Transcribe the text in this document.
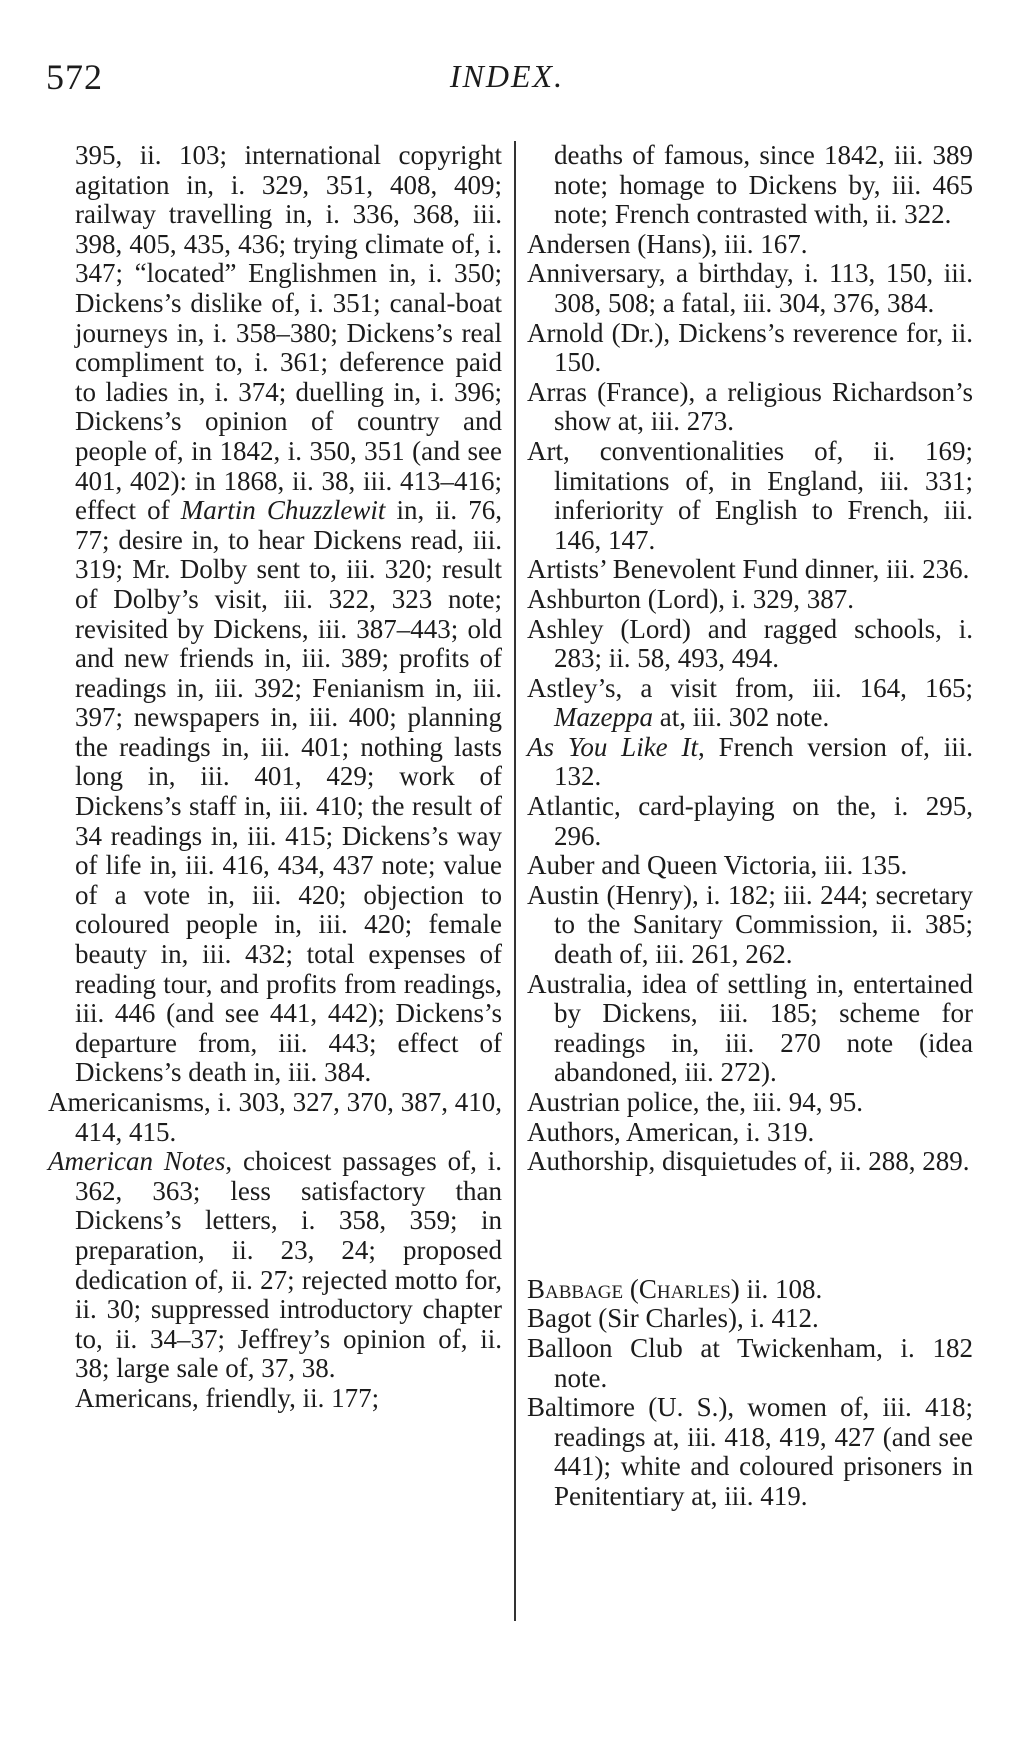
572	INDEX.

395, ii. 103; international copyright agitation in, i. 329, 351, 408, 409; railway travelling in, i. 336, 368, iii. 398, 405, 435, 436; trying climate of, i. 347; “located” Englishmen in, i. 350; Dickens’s dislike of, i. 351; canal-boat journeys in, i. 358–380; Dickens’s real compliment to, i. 361; deference paid to ladies in, i. 374; duelling in, i. 396; Dickens’s opinion of country and people of, in 1842, i. 350, 351 (and see 401, 402): in 1868, ii. 38, iii. 413–416; effect of Martin Chuzzlewit in, ii. 76, 77; desire in, to hear Dickens read, iii. 319; Mr. Dolby sent to, iii. 320; result of Dolby’s visit, iii. 322, 323 note; revisited by Dickens, iii. 387–443; old and new friends in, iii. 389; profits of readings in, iii. 392; Fenianism in, iii. 397; newspapers in, iii. 400; planning the readings in, iii. 401; nothing lasts long in, iii. 401, 429; work of Dickens’s staff in, iii. 410; the result of 34 readings in, iii. 415; Dickens’s way of life in, iii. 416, 434, 437 note; value of a vote in, iii. 420; objection to coloured people in, iii. 420; female beauty in, iii. 432; total expenses of reading tour, and profits from readings, iii. 446 (and see 441, 442); Dickens’s departure from, iii. 443; effect of Dickens’s death in, iii. 384.

Americanisms, i. 303, 327, 370, 387, 410, 414, 415.

American Notes, choicest passages of, i. 362, 363; less satisfactory than Dickens’s letters, i. 358, 359; in preparation, ii. 23, 24; proposed dedication of, ii. 27; rejected motto for, ii. 30; suppressed introductory chapter to, ii. 34–37; Jeffrey’s opinion of, ii. 38; large sale of, 37, 38.

Americans, friendly, ii. 177;

deaths of famous, since 1842, iii. 389 note; homage to Dickens by, iii. 465 note; French contrasted with, ii. 322.

Andersen (Hans), iii. 167.

Anniversary, a birthday, i. 113, 150, iii. 308, 508; a fatal, iii. 304, 376, 384.

Arnold (Dr.), Dickens’s reverence for, ii. 150.

Arras (France), a religious Richardson’s show at, iii. 273.

Art, conventionalities of, ii. 169; limitations of, in England, iii. 331; inferiority of English to French, iii. 146, 147.

Artists’ Benevolent Fund dinner, iii. 236.

Ashburton (Lord), i. 329, 387.

Ashley (Lord) and ragged schools, i. 283; ii. 58, 493, 494.

Astley’s, a visit from, iii. 164, 165; Mazeppa at, iii. 302 note.

As You Like It, French version of, iii. 132.

Atlantic, card-playing on the, i. 295, 296.

Auber and Queen Victoria, iii. 135.

Austin (Henry), i. 182; iii. 244; secretary to the Sanitary Commission, ii. 385; death of, iii. 261, 262.

Australia, idea of settling in, entertained by Dickens, iii. 185; scheme for readings in, iii. 270 note (idea abandoned, iii. 272).

Austrian police, the, iii. 94, 95.

Authors, American, i. 319.

Authorship, disquietudes of, ii. 288, 289.

Babbage (Charles) ii. 108.

Bagot (Sir Charles), i. 412.

Balloon Club at Twickenham, i. 182 note.

Baltimore (U. S.), women of, iii. 418; readings at, iii. 418, 419, 427 (and see 441); white and coloured prisoners in Penitentiary at, iii. 419.
